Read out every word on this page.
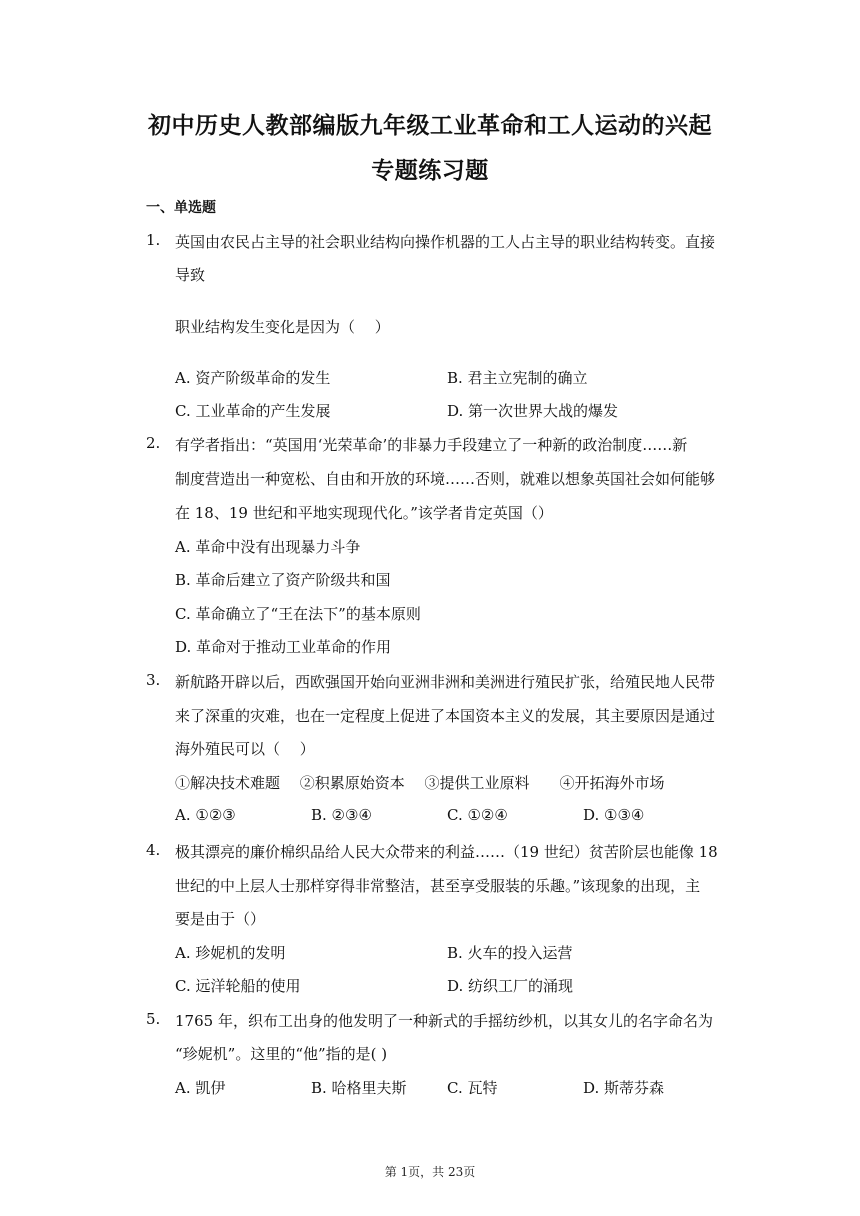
初中历史人教部编版九年级工业革命和工人运动的兴起
专题练习题
一、单选题
1. 英国由农民占主导的社会职业结构向操作机器的工人占主导的职业结构转变。直接
导致
职业结构发生变化是因为（　 ）
A. 资产阶级革命的发生	B. 君主立宪制的确立
C. 工业革命的产生发展	D. 第一次世界大战的爆发
2. 有学者指出：“英国用‘光荣革命’的非暴力手段建立了一种新的政治制度……新
制度营造出一种宽松、自由和开放的环境……否则，就难以想象英国社会如何能够
在 18、19 世纪和平地实现现代化。”该学者肯定英国（）
A. 革命中没有出现暴力斗争
B. 革命后建立了资产阶级共和国
C. 革命确立了“王在法下”的基本原则
D. 革命对于推动工业革命的作用
3. 新航路开辟以后，西欧强国开始向亚洲非洲和美洲进行殖民扩张，给殖民地人民带
来了深重的灾难，也在一定程度上促进了本国资本主义的发展，其主要原因是通过
海外殖民可以（　 ）
①解决技术难题　 ②积累原始资本　 ③提供工业原料　　④开拓海外市场
A. ①②③	B. ②③④	C. ①②④	D. ①③④
4. 极其漂亮的廉价棉织品给人民大众带来的利益……（19 世纪）贫苦阶层也能像 18
世纪的中上层人士那样穿得非常整洁，甚至享受服装的乐趣。”该现象的出现，主
要是由于（）
A. 珍妮机的发明	B. 火车的投入运营
C. 远洋轮船的使用	D. 纺织工厂的涌现
5. 1765 年，织布工出身的他发明了一种新式的手摇纺纱机，以其女儿的名字命名为
“珍妮机”。这里的“他”指的是( )
A. 凯伊	B. 哈格里夫斯	C. 瓦特	D. 斯蒂芬森
第 1页，共 23页
